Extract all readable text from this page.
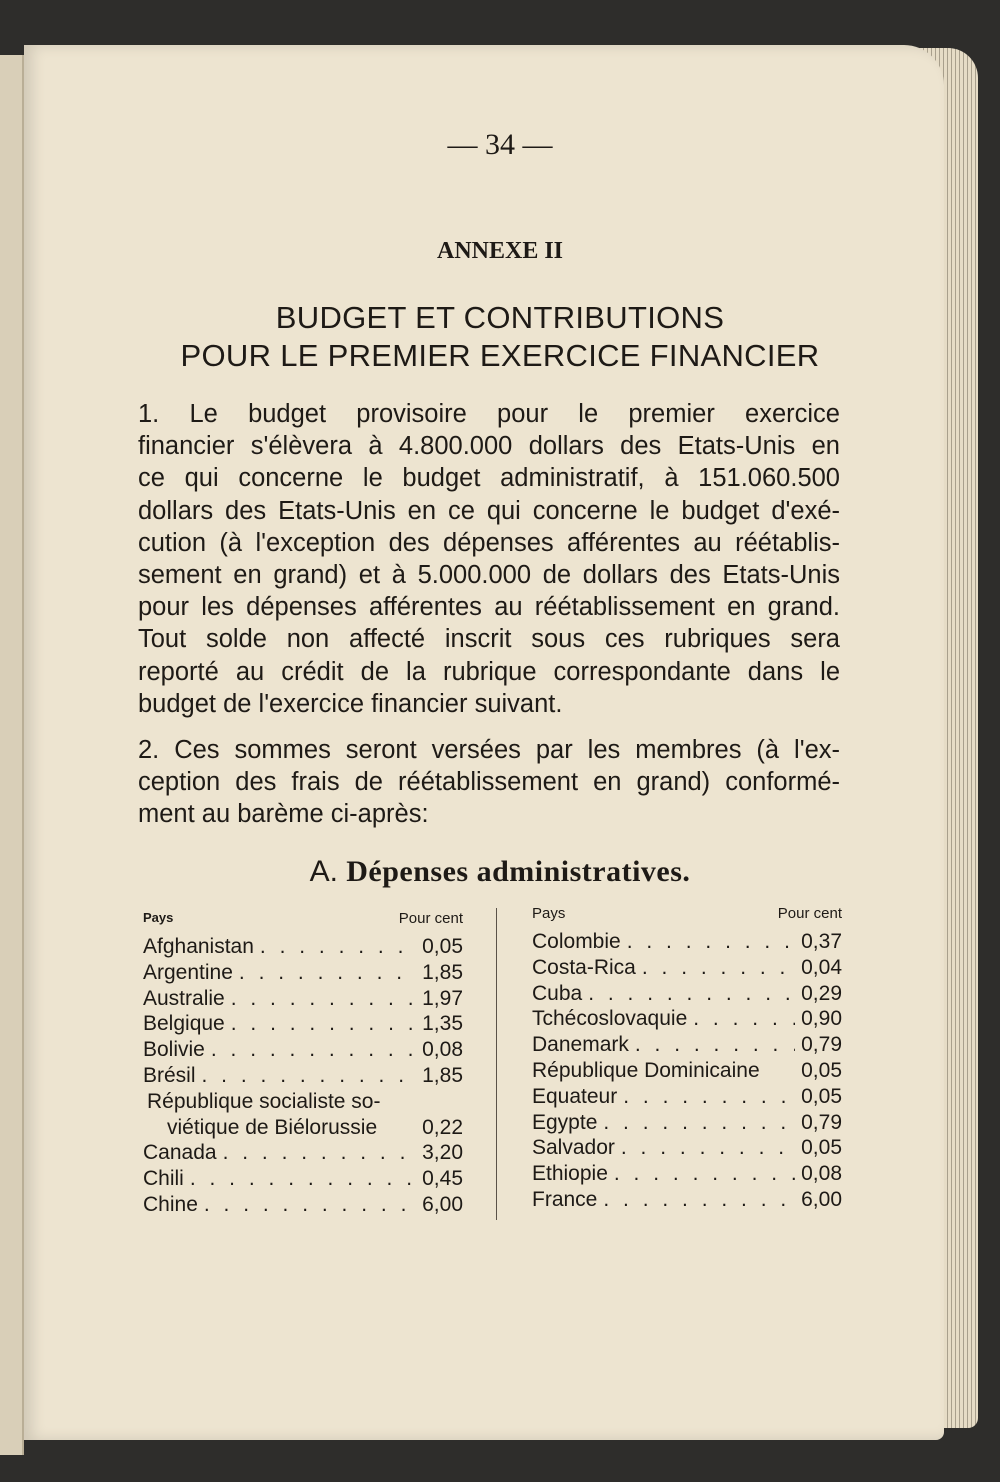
— 34 —
ANNEXE II
BUDGET ET CONTRIBUTIONS
POUR LE PREMIER EXERCICE FINANCIER
1. Le budget provisoire pour le premier exercice
financier s'élèvera à 4.800.000 dollars des Etats-Unis en
ce qui concerne le budget administratif, à 151.060.500
dollars des Etats-Unis en ce qui concerne le budget d'exé-
cution (à l'exception des dépenses afférentes au réétablis-
sement en grand) et à 5.000.000 de dollars des Etats-Unis
pour les dépenses afférentes au réétablissement en grand.
Tout solde non affecté inscrit sous ces rubriques sera
reporté au crédit de la rubrique correspondante dans le
budget de l'exercice financier suivant.
2. Ces sommes seront versées par les membres (à l'ex-
ception des frais de réétablissement en grand) conformé-
ment au barème ci-après:
A. Dépenses administratives.
Pays	Pour cent
Afghanistan . . .	0,05
Argentine . . .	1,85
Australie . . .	1,97
Belgique . . .	1,35
Bolivie . . .	0,08
Brésil . . .	1,85
République socialiste so-
viétique de Biélorussie 0,22
Canada . . .	3,20
Chili . . .	0,45
Chine . . .	6,00
Pays	Pour cent
Colombie . . .	0,37
Costa-Rica . . .	0,04
Cuba . . .	0,29
Tchécoslovaquie . . .	0,90
Danemark . . .	0,79
République Dominicaine 0,05
Equateur . . .	0,05
Egypte . . .	0,79
Salvador . . .	0,05
Ethiopie . . .	0,08
France . . .	6,00
